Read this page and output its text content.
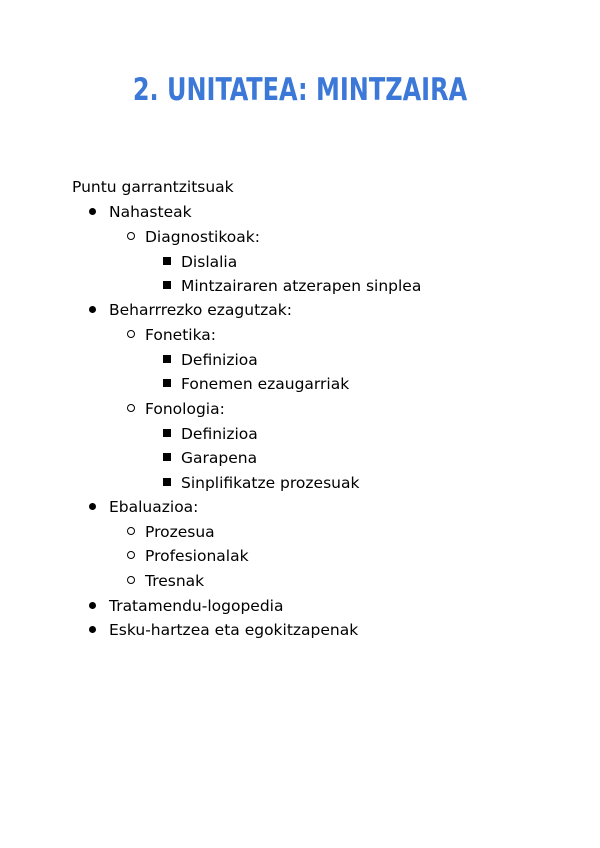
2. UNITATEA: MINTZAIRA
Puntu garrantzitsuak
Nahasteak
Diagnostikoak:
Dislalia
Mintzairaren atzerapen sinplea
Beharrrezko ezagutzak:
Fonetika:
Definizioa
Fonemen ezaugarriak
Fonologia:
Definizioa
Garapena
Sinplifikatze prozesuak
Ebaluazioa:
Prozesua
Profesionalak
Tresnak
Tratamendu-logopedia
Esku-hartzea eta egokitzapenak
